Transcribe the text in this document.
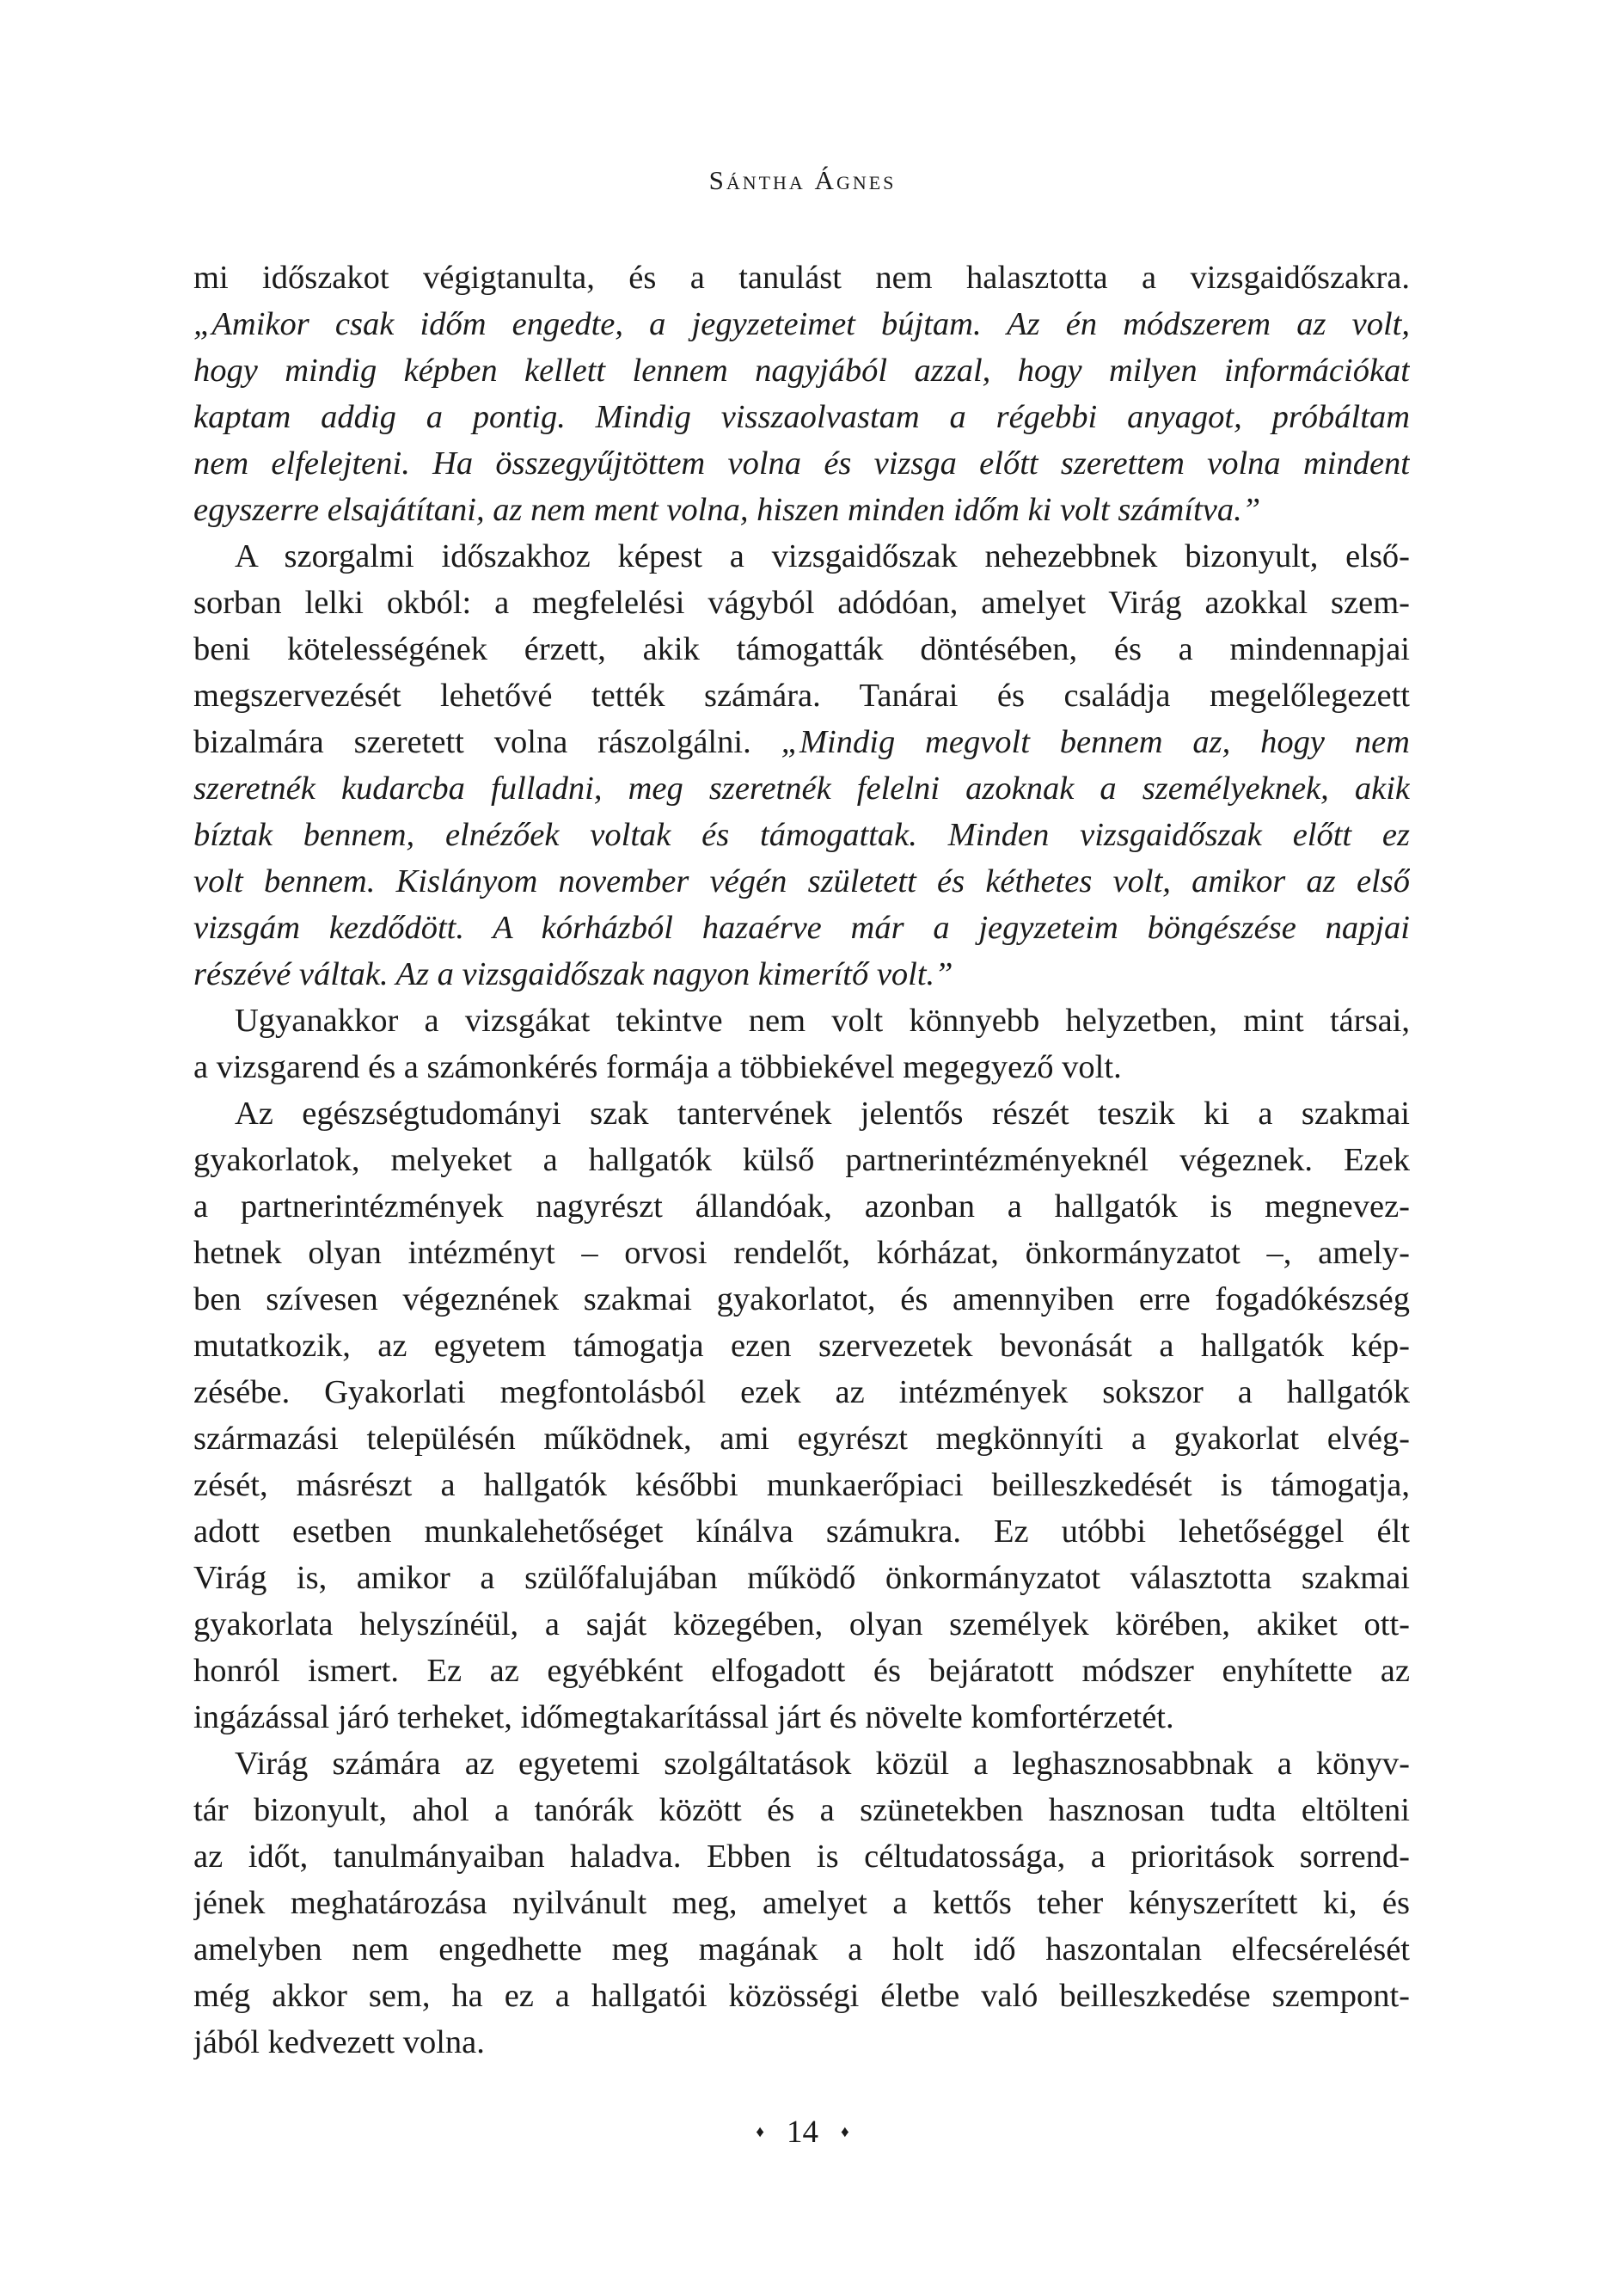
Sántha Ágnes
mi időszakot végigtanulta, és a tanulást nem halasztotta a vizsgaidőszakra.
„Amikor csak időm engedte, a jegyzeteimet bújtam. Az én módszerem az volt,
hogy mindig képben kellett lennem nagyjából azzal, hogy milyen információkat
kaptam addig a pontig. Mindig visszaolvastam a régebbi anyagot, próbáltam
nem elfelejteni. Ha összegyűjtöttem volna és vizsga előtt szerettem volna mindent
egyszerre elsajátítani, az nem ment volna, hiszen minden időm ki volt számítva.”
A szorgalmi időszakhoz képest a vizsgaidőszak nehezebbnek bizonyult, első-
sorban lelki okból: a megfelelési vágyból adódóan, amelyet Virág azokkal szem-
beni kötelességének érzett, akik támogatták döntésében, és a mindennapjai
megszervezését lehetővé tették számára. Tanárai és családja megelőlegezett
bizalmára szeretett volna rászolgálni. „Mindig megvolt bennem az, hogy nem
szeretnék kudarcba fulladni, meg szeretnék felelni azoknak a személyeknek, akik
bíztak bennem, elnézőek voltak és támogattak. Minden vizsgaidőszak előtt ez
volt bennem. Kislányom november végén született és kéthetes volt, amikor az első
vizsgám kezdődött. A kórházból hazaérve már a jegyzeteim böngészése napjai
részévé váltak. Az a vizsgaidőszak nagyon kimerítő volt.”
Ugyanakkor a vizsgákat tekintve nem volt könnyebb helyzetben, mint társai,
a vizsgarend és a számonkérés formája a többiekével megegyező volt.
Az egészségtudományi szak tantervének jelentős részét teszik ki a szakmai
gyakorlatok, melyeket a hallgatók külső partnerintézményeknél végeznek. Ezek
a partnerintézmények nagyrészt állandóak, azonban a hallgatók is megnevez-
hetnek olyan intézményt – orvosi rendelőt, kórházat, önkormányzatot –, amely-
ben szívesen végeznének szakmai gyakorlatot, és amennyiben erre fogadókészség
mutatkozik, az egyetem támogatja ezen szervezetek bevonását a hallgatók kép-
zésébe. Gyakorlati megfontolásból ezek az intézmények sokszor a hallgatók
származási településén működnek, ami egyrészt megkönnyíti a gyakorlat elvég-
zését, másrészt a hallgatók későbbi munkaerőpiaci beilleszkedését is támogatja,
adott esetben munkalehetőséget kínálva számukra. Ez utóbbi lehetőséggel élt
Virág is, amikor a szülőfalujában működő önkormányzatot választotta szakmai
gyakorlata helyszínéül, a saját közegében, olyan személyek körében, akiket ott-
honról ismert. Ez az egyébként elfogadott és bejáratott módszer enyhítette az
ingázással járó terheket, időmegtakarítással járt és növelte komfortérzetét.
Virág számára az egyetemi szolgáltatások közül a leghasznosabbnak a könyv-
tár bizonyult, ahol a tanórák között és a szünetekben hasznosan tudta eltölteni
az időt, tanulmányaiban haladva. Ebben is céltudatossága, a prioritások sorrend-
jének meghatározása nyilvánult meg, amelyet a kettős teher kényszerített ki, és
amelyben nem engedhette meg magának a holt idő haszontalan elfecsérelését
még akkor sem, ha ez a hallgatói közösségi életbe való beilleszkedése szempont-
jából kedvezett volna.
♦ 14 ♦
